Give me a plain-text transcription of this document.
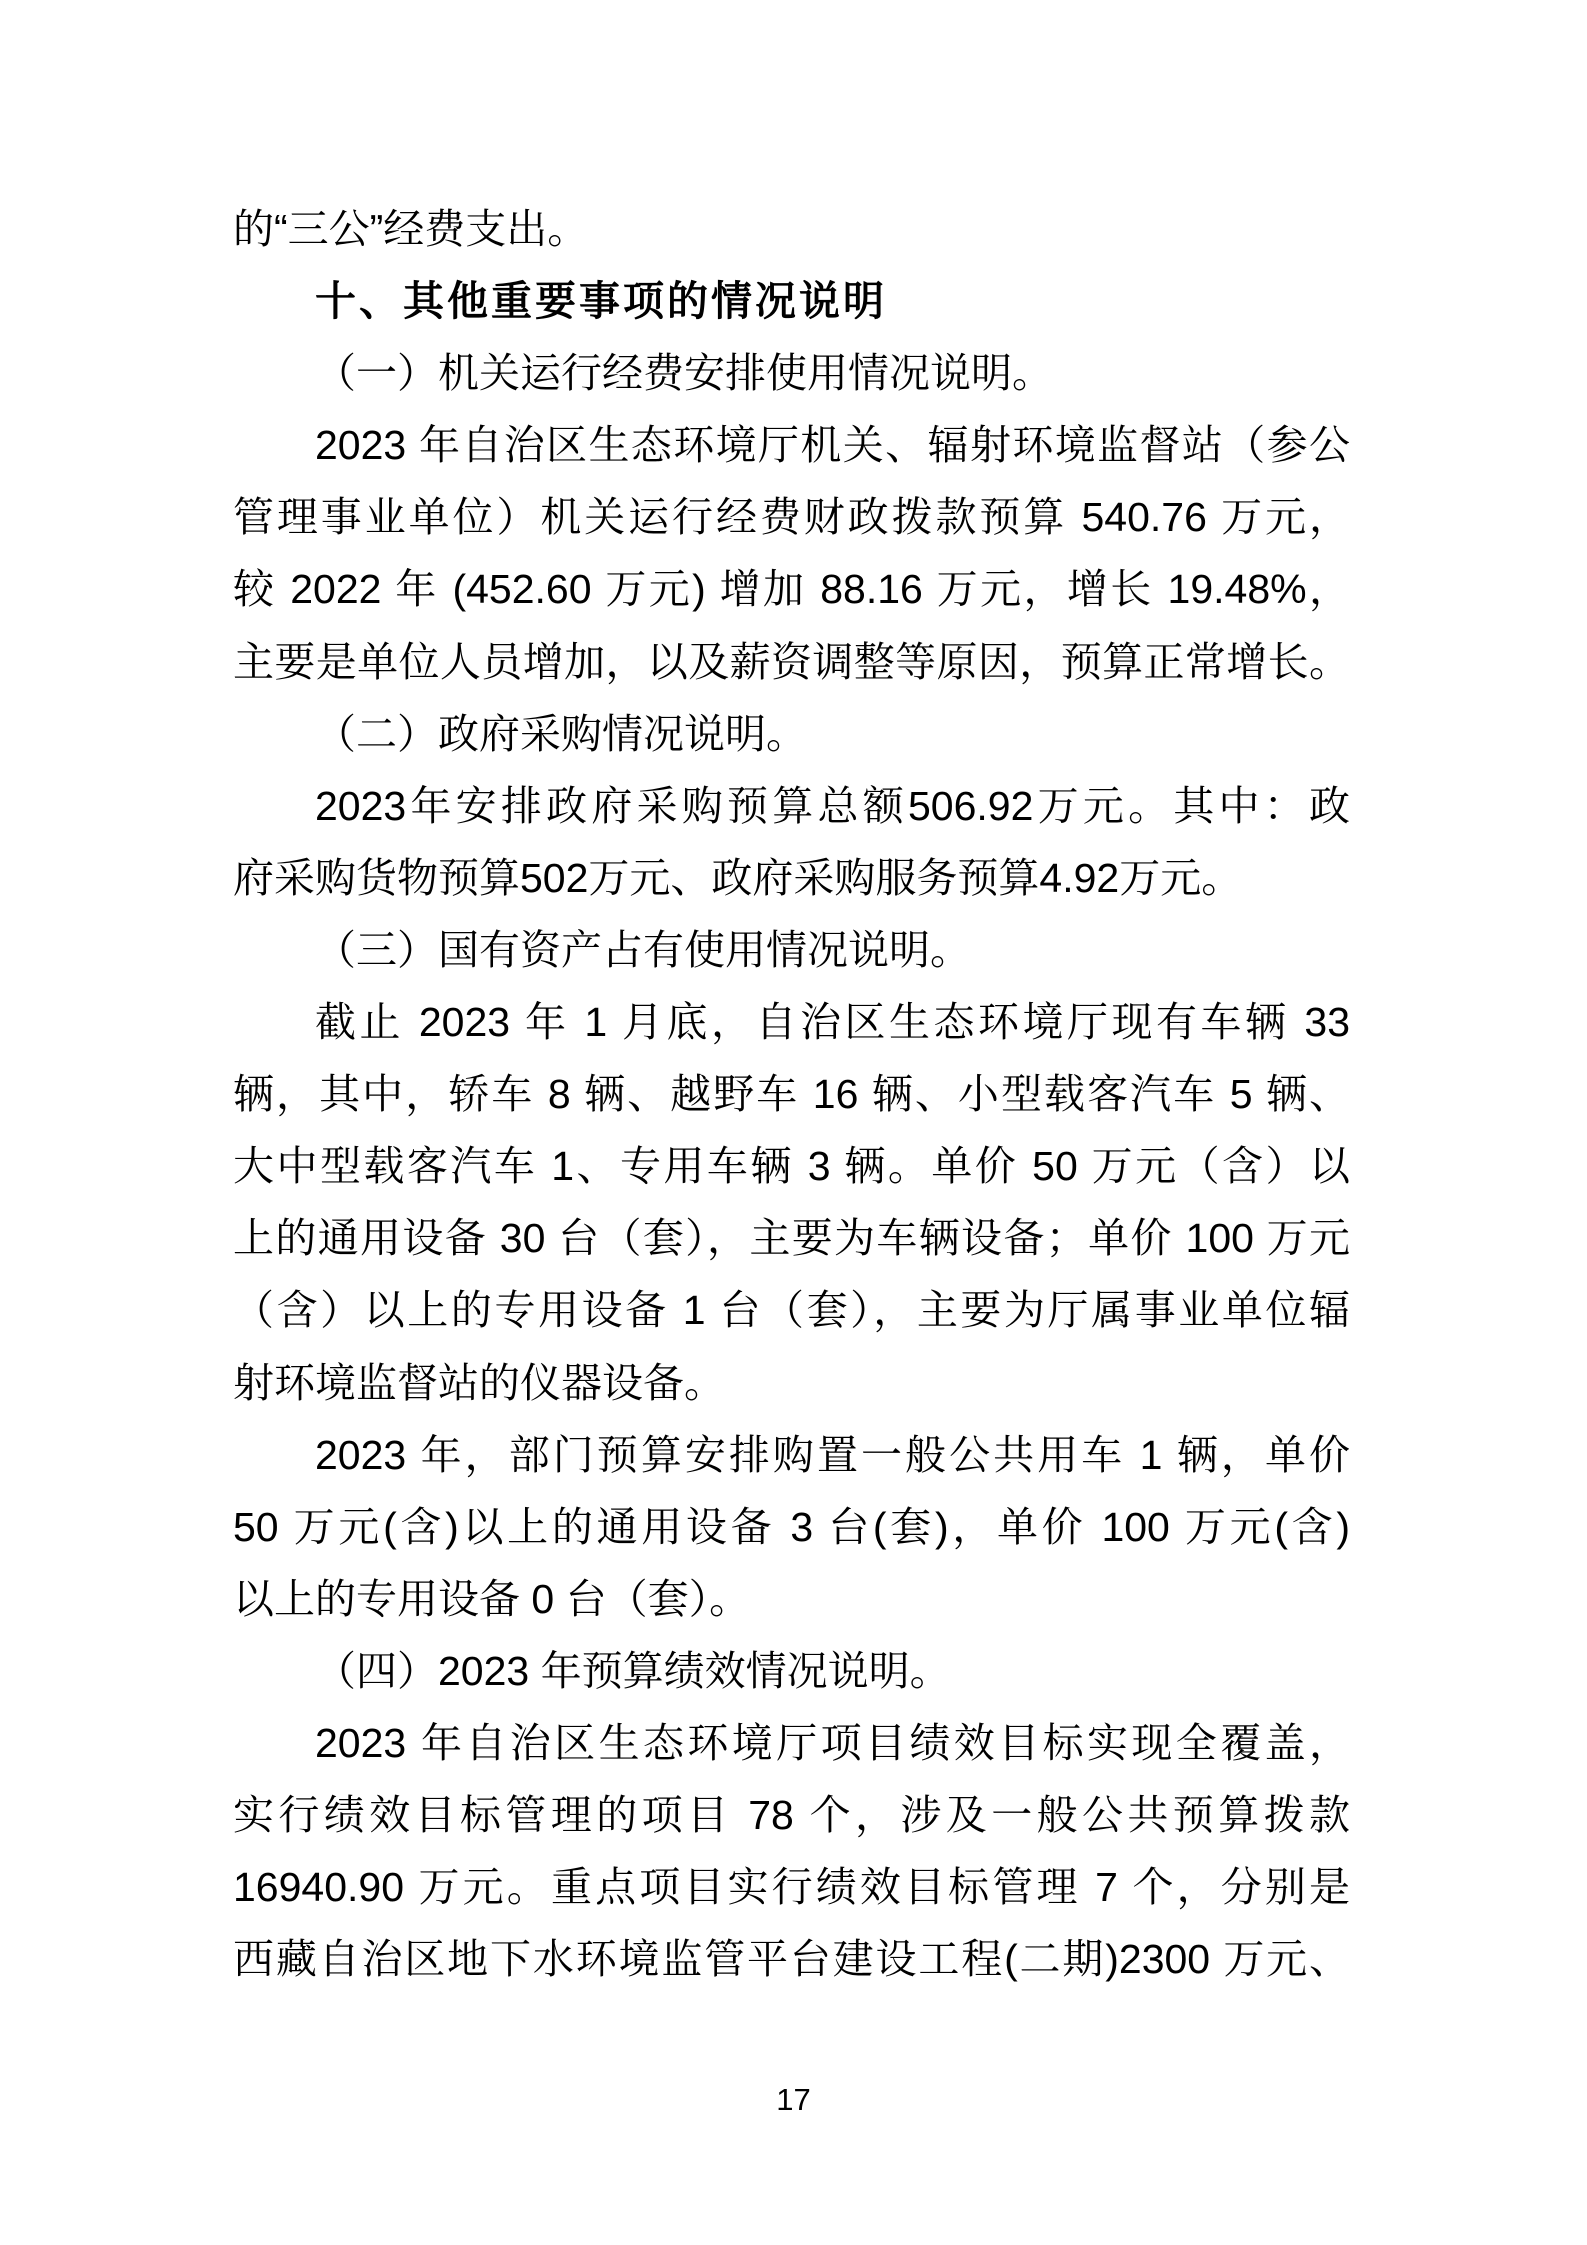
的“三公”经费支出。
十、其他重要事项的情况说明
（一）机关运行经费安排使用情况说明。
2023 年自治区生态环境厅机关、辐射环境监督站（参公
管理事业单位）机关运行经费财政拨款预算 540.76 万元，
较 2022 年 (452.60 万元) 增加 88.16 万元，增长 19.48%，
主要是单位人员增加，以及薪资调整等原因，预算正常增长。
（二）政府采购情况说明。
2023年安排政府采购预算总额506.92万元。其中：政
府采购货物预算502万元、政府采购服务预算4.92万元。
（三）国有资产占有使用情况说明。
截止 2023 年 1 月底，自治区生态环境厅现有车辆 33
辆，其中，轿车 8 辆、越野车 16 辆、小型载客汽车 5 辆、
大中型载客汽车 1、专用车辆 3 辆。单价 50 万元（含）以
上的通用设备 30 台（套），主要为车辆设备；单价 100 万元
（含）以上的专用设备 1 台（套），主要为厅属事业单位辐
射环境监督站的仪器设备。
2023 年，部门预算安排购置一般公共用车 1 辆，单价
50 万元(含)以上的通用设备 3 台(套)，单价 100 万元(含)
以上的专用设备 0 台（套）。
（四）2023 年预算绩效情况说明。
2023 年自治区生态环境厅项目绩效目标实现全覆盖，
实行绩效目标管理的项目 78 个，涉及一般公共预算拨款
16940.90 万元。重点项目实行绩效目标管理 7 个，分别是
西藏自治区地下水环境监管平台建设工程(二期)2300 万元、
17
